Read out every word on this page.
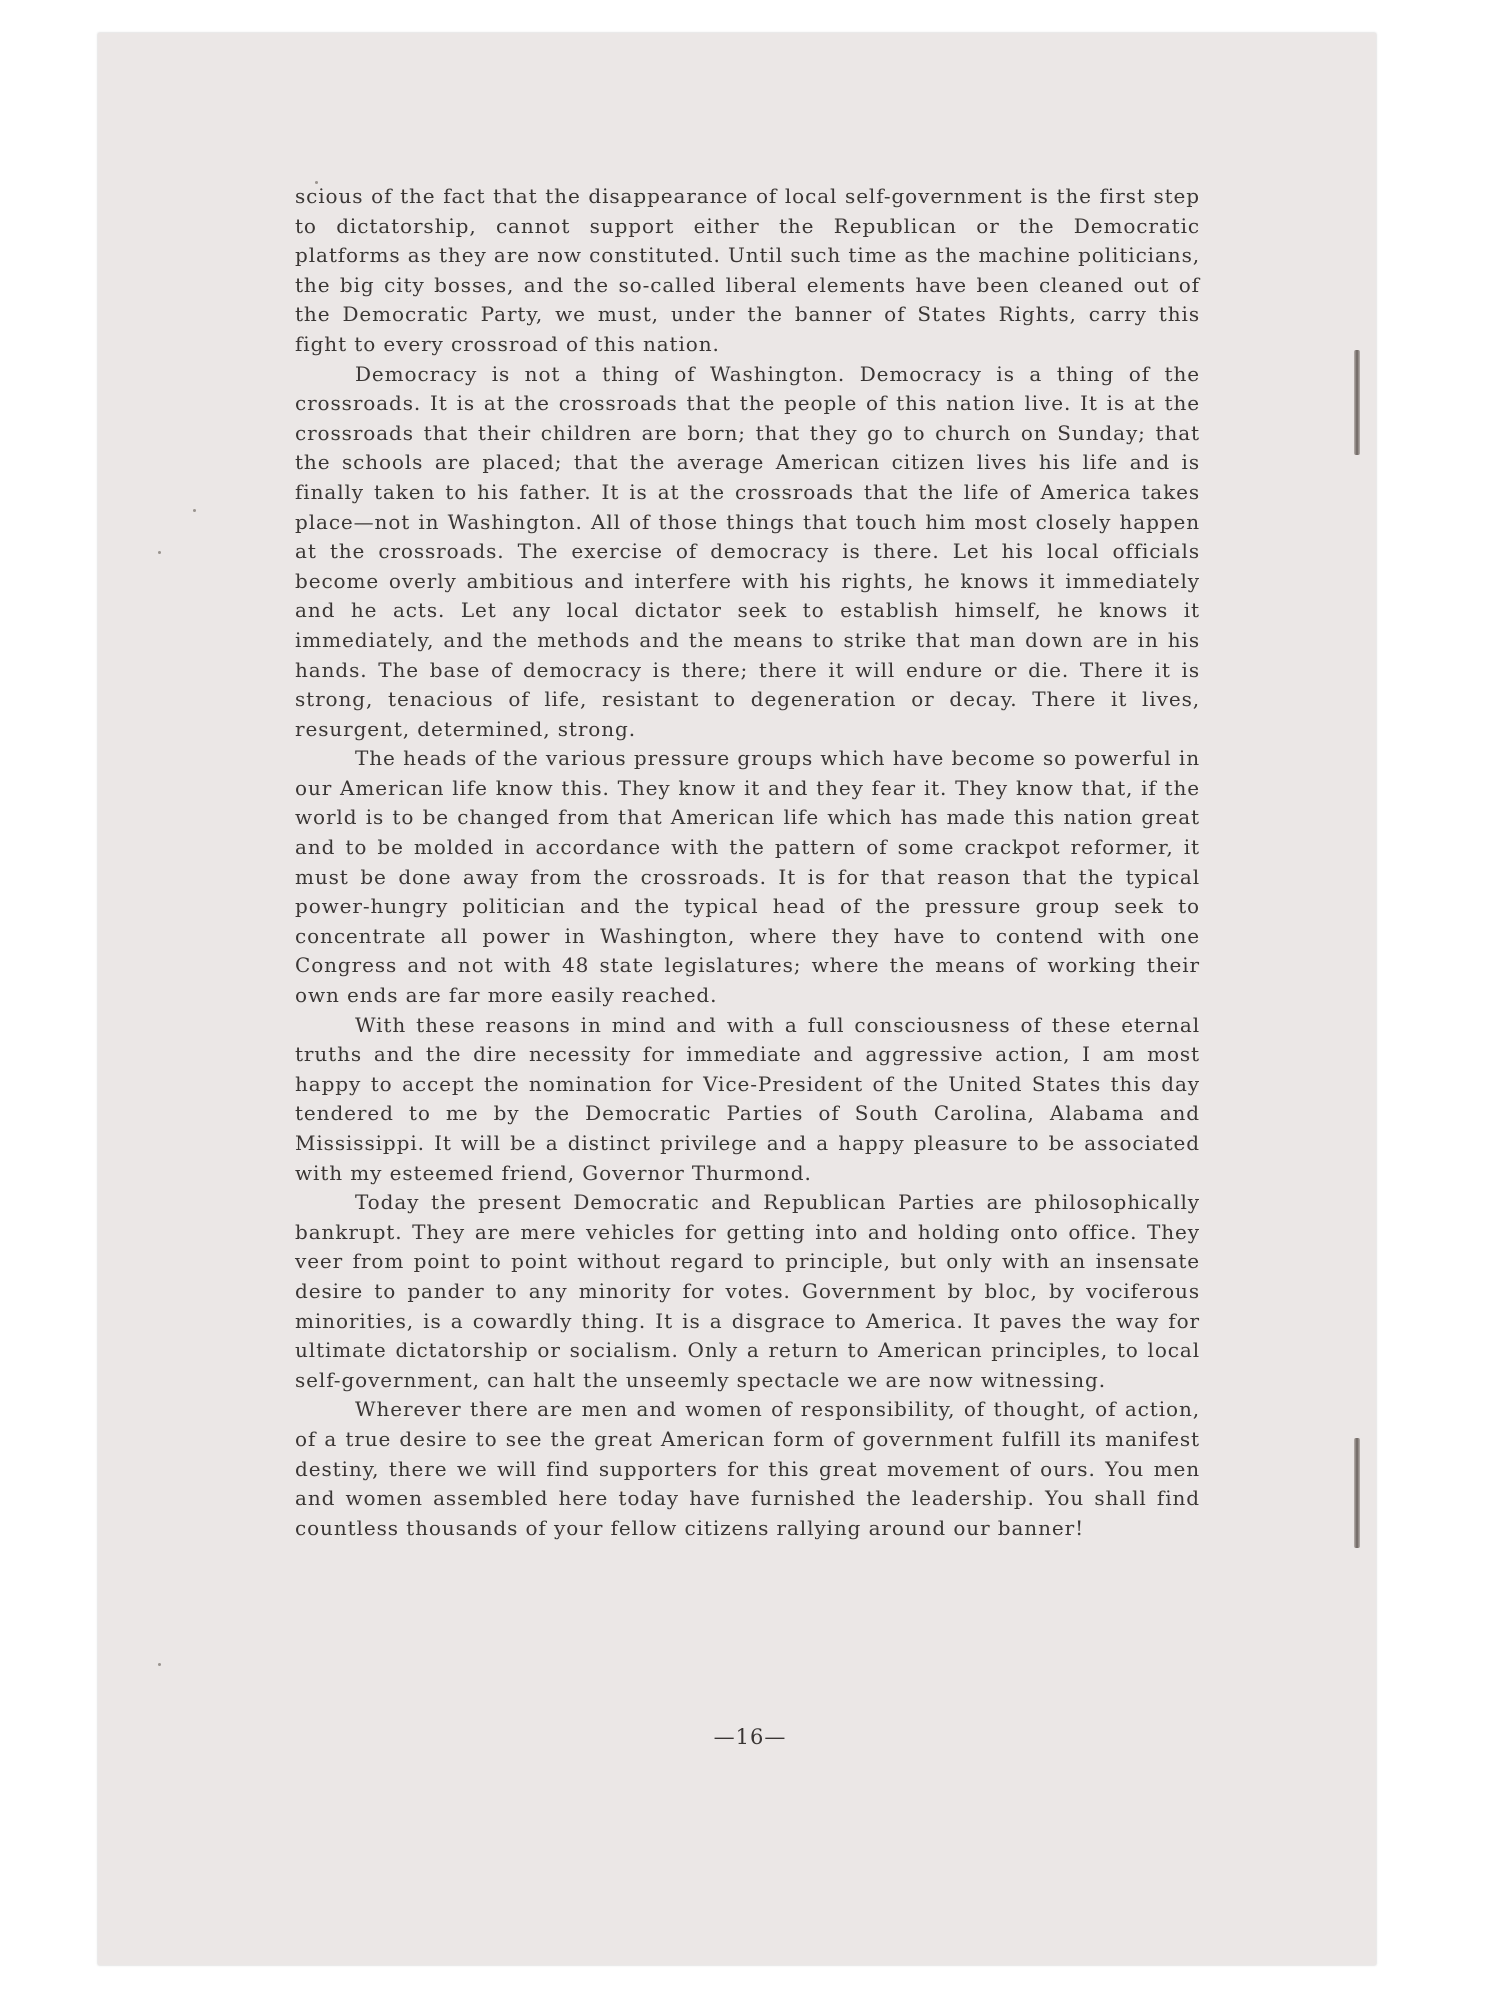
scious of the fact that the disappearance of local self-government is the first step to dictatorship, cannot support either the Republican or the Democratic platforms as they are now constituted. Until such time as the machine politicians, the big city bosses, and the so-called liberal elements have been cleaned out of the Democratic Party, we must, under the banner of States Rights, carry this fight to every crossroad of this nation.

Democracy is not a thing of Washington. Democracy is a thing of the crossroads. It is at the crossroads that the people of this nation live. It is at the crossroads that their children are born; that they go to church on Sunday; that the schools are placed; that the average American citizen lives his life and is finally taken to his father. It is at the crossroads that the life of America takes place—not in Washington. All of those things that touch him most closely happen at the crossroads. The exercise of democracy is there. Let his local officials become overly ambitious and interfere with his rights, he knows it immediately and he acts. Let any local dictator seek to establish himself, he knows it immediately, and the methods and the means to strike that man down are in his hands. The base of democracy is there; there it will endure or die. There it is strong, tenacious of life, resistant to degeneration or decay. There it lives, resurgent, determined, strong.

The heads of the various pressure groups which have become so powerful in our American life know this. They know it and they fear it. They know that, if the world is to be changed from that American life which has made this nation great and to be molded in accordance with the pattern of some crackpot reformer, it must be done away from the crossroads. It is for that reason that the typical power-hungry politician and the typical head of the pressure group seek to concentrate all power in Washington, where they have to contend with one Congress and not with 48 state legislatures; where the means of working their own ends are far more easily reached.

With these reasons in mind and with a full consciousness of these eternal truths and the dire necessity for immediate and aggressive action, I am most happy to accept the nomination for Vice-President of the United States this day tendered to me by the Democratic Parties of South Carolina, Alabama and Mississippi. It will be a distinct privilege and a happy pleasure to be associated with my esteemed friend, Governor Thurmond.

Today the present Democratic and Republican Parties are philosophically bankrupt. They are mere vehicles for getting into and holding onto office. They veer from point to point without regard to principle, but only with an insensate desire to pander to any minority for votes. Government by bloc, by vociferous minorities, is a cowardly thing. It is a disgrace to America. It paves the way for ultimate dictatorship or socialism. Only a return to American principles, to local self-government, can halt the unseemly spectacle we are now witnessing.

Wherever there are men and women of responsibility, of thought, of action, of a true desire to see the great American form of government fulfill its manifest destiny, there we will find supporters for this great movement of ours. You men and women assembled here today have furnished the leadership. You shall find countless thousands of your fellow citizens rallying around our banner!

—16—
